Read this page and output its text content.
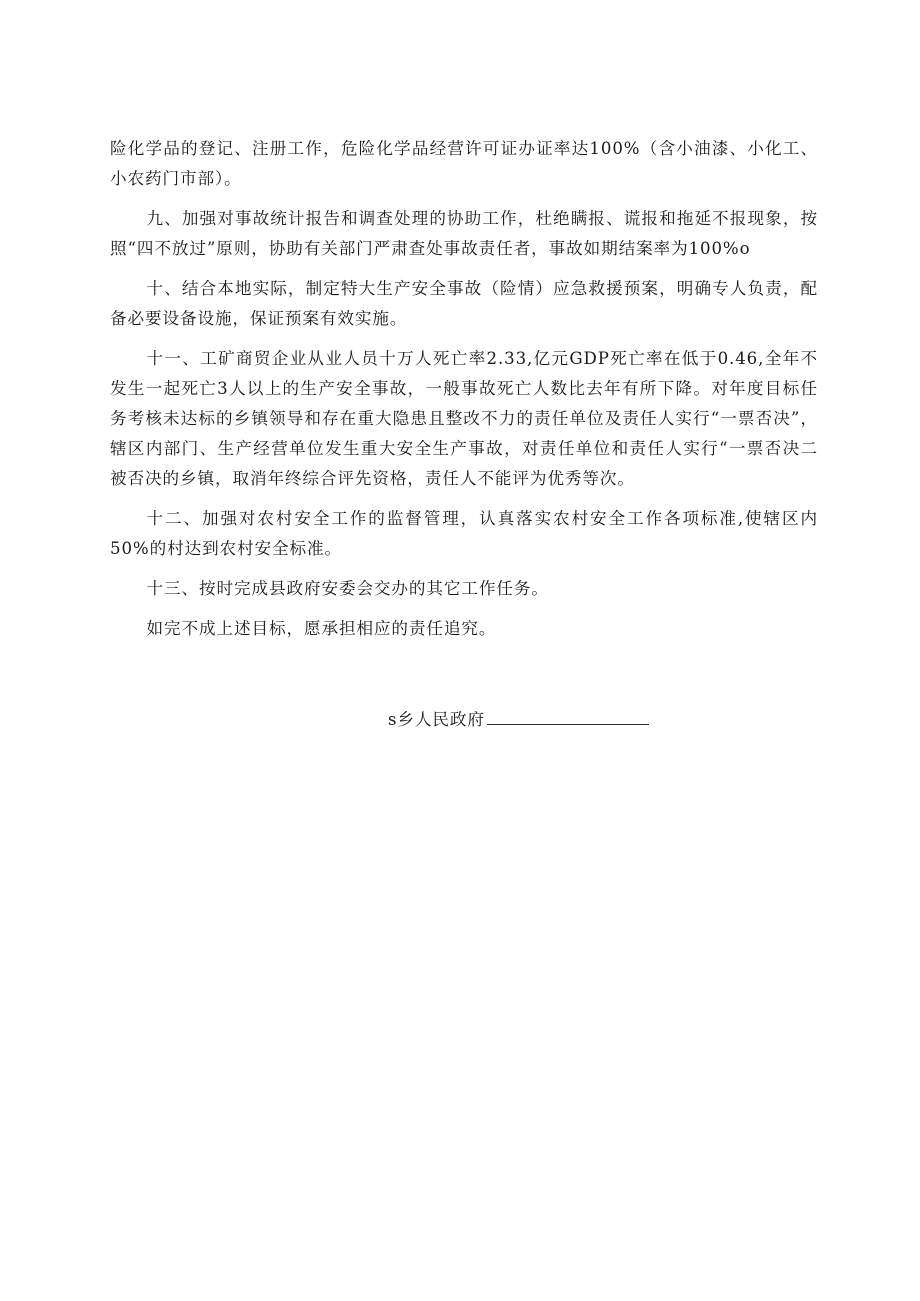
险化学品的登记、注册工作，危险化学品经营许可证办证率达100%（含小油漆、小化工、小农药门市部）。

九、加强对事故统计报告和调查处理的协助工作，杜绝瞒报、谎报和拖延不报现象，按照“四不放过”原则，协助有关部门严肃查处事故责任者，事故如期结案率为100%o

十、结合本地实际，制定特大生产安全事故（险情）应急救援预案，明确专人负责，配备必要设备设施，保证预案有效实施。

十一、工矿商贸企业从业人员十万人死亡率2.33,亿元GDP死亡率在低于0.46,全年不发生一起死亡3人以上的生产安全事故，一般事故死亡人数比去年有所下降。对年度目标任务考核未达标的乡镇领导和存在重大隐患且整改不力的责任单位及责任人实行“一票否决”，辖区内部门、生产经营单位发生重大安全生产事故，对责任单位和责任人实行“一票否决二被否决的乡镇，取消年终综合评先资格，责任人不能评为优秀等次。

十二、加强对农村安全工作的监督管理，认真落实农村安全工作各项标准,使辖区内50%的村达到农村安全标准。

十三、按时完成县政府安委会交办的其它工作任务。

如完不成上述目标，愿承担相应的责任追究。

s乡人民政府
